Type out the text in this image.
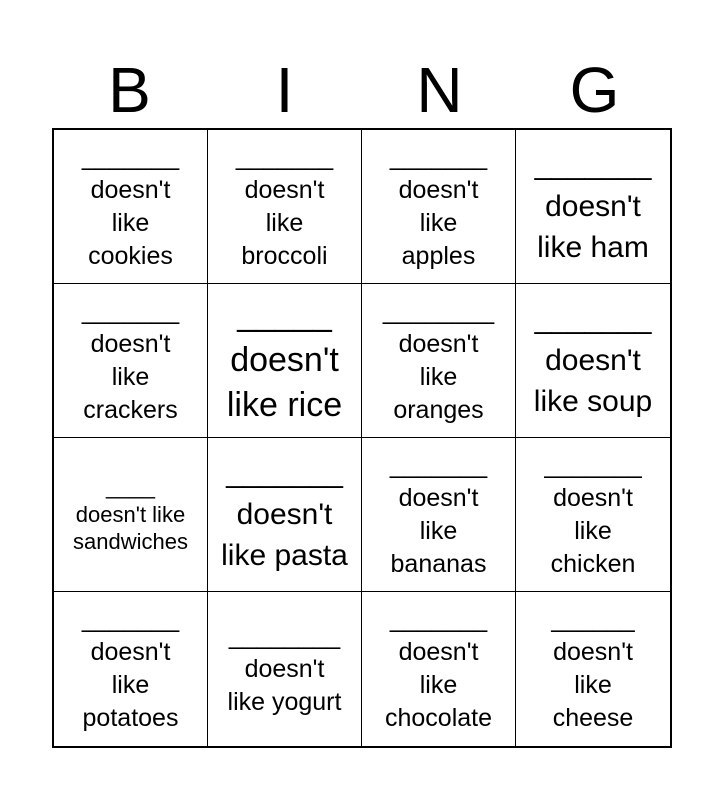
B	I	N	G
_______
doesn't
like
cookies
_______
doesn't
like
broccoli
_______
doesn't
like
apples
_______
doesn't
like ham
_______
doesn't
like
crackers
_____
doesn't
like rice
________
doesn't
like
oranges
_______
doesn't
like soup
____
doesn't like
sandwiches
_______
doesn't
like pasta
_______
doesn't
like
bananas
_______
doesn't
like
chicken
_______
doesn't
like
potatoes
________
doesn't
like yogurt
_______
doesn't
like
chocolate
______
doesn't
like
cheese
